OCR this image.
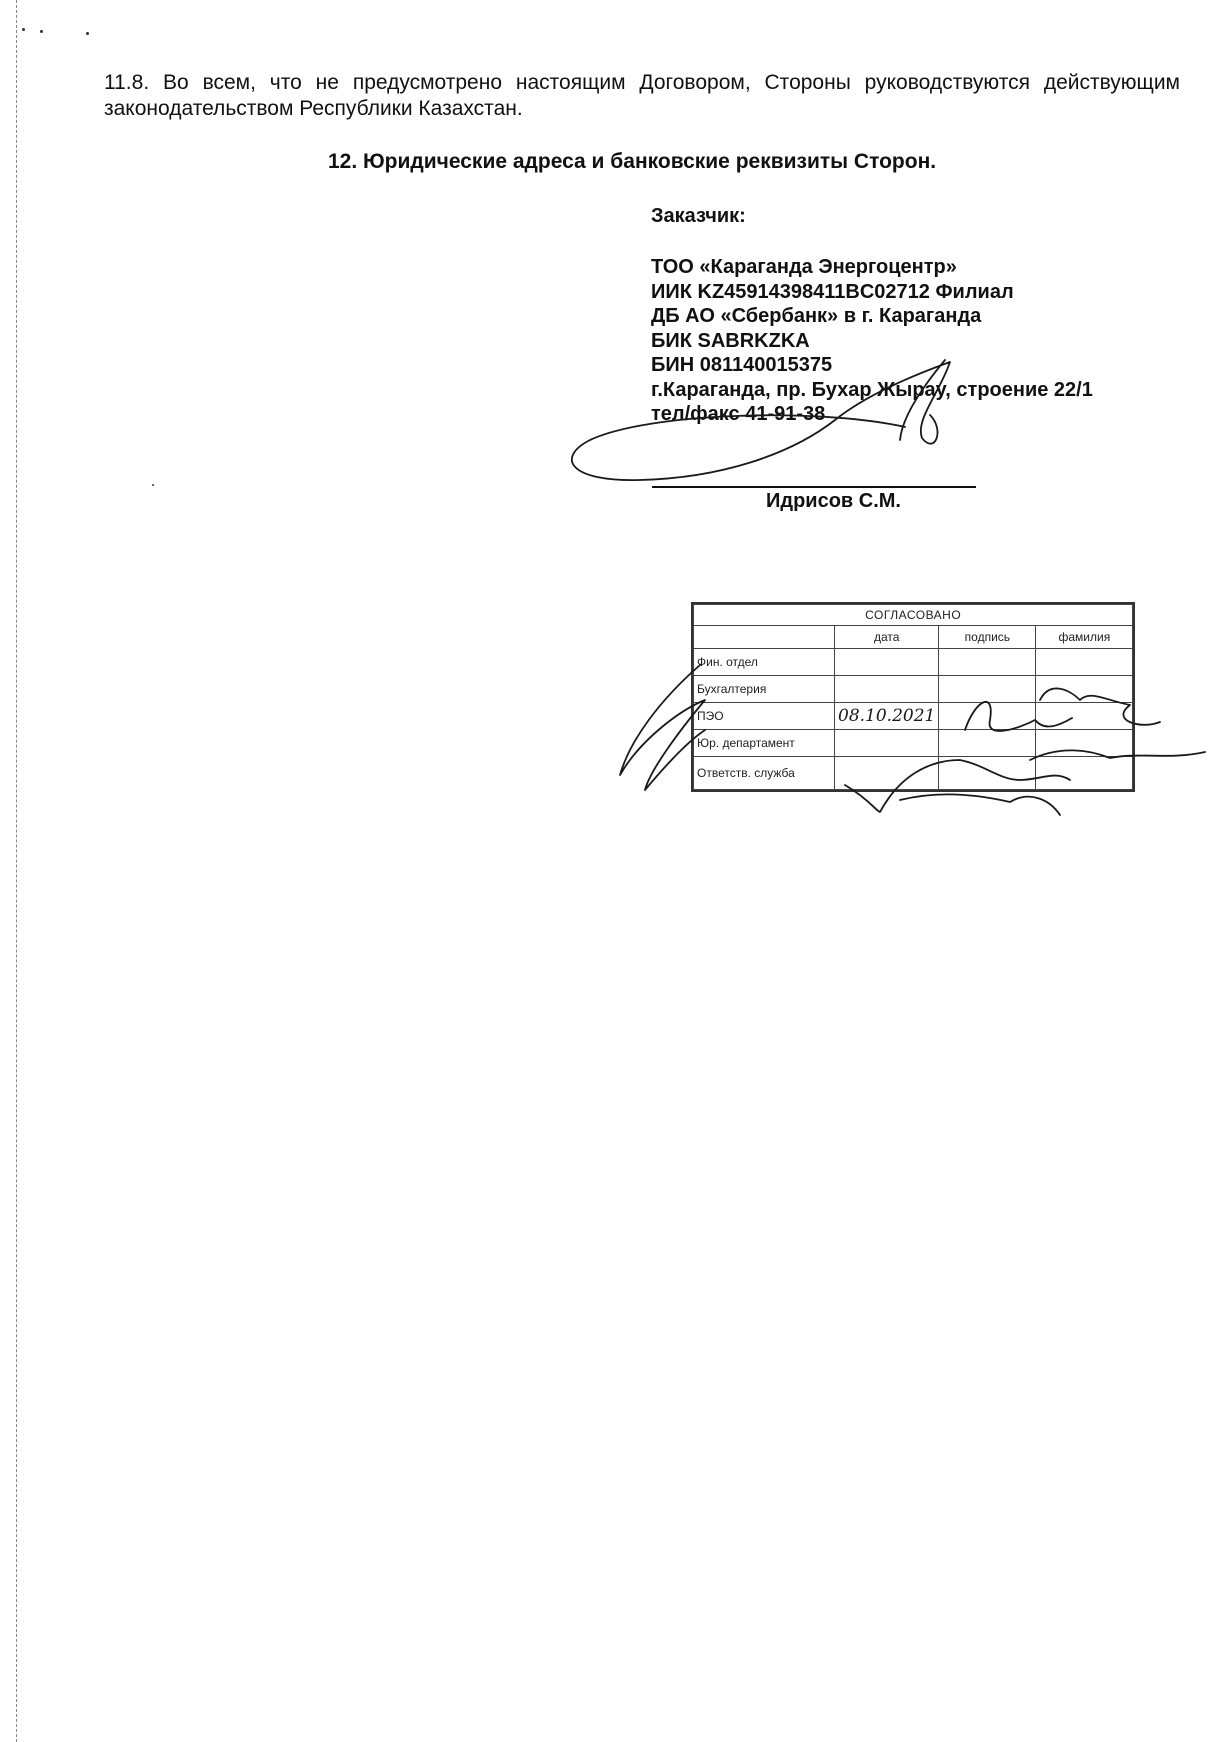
11.8. Во всем, что не предусмотрено настоящим Договором, Стороны руководствуются действующим законодательством Республики Казахстан.
12. Юридические адреса и банковские реквизиты Сторон.
Заказчик:
ТОО «Караганда Энергоцентр»
ИИК KZ45914398411BC02712 Филиал
ДБ АО «Сбербанк» в г. Караганда
БИК SABRKZKA
БИН 081140015375
г.Караганда, пр. Бухар Жырау, строение 22/1
тел/факс 41-91-38
Идрисов С.М.
СОГЛАСОВАНО			
	дата	подпись	фамилия
Фин. отдел			
Бухгалтерия			
ПЭО	08.10.2021		
Юр. департамент			
Ответств. служба			
